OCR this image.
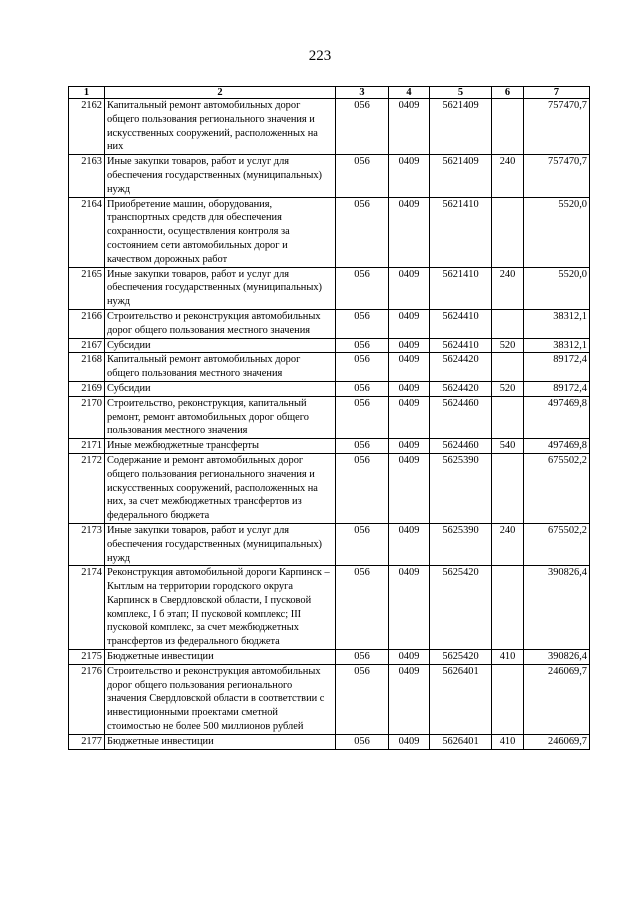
223
1	2	3	4	5	6	7
2162	Капитальный ремонт автомобильных дорог общего пользования регионального значения и искусственных сооружений, расположенных на них	056	0409	5621409		757470,7
2163	Иные закупки товаров, работ и услуг для обеспечения государственных (муниципальных) нужд	056	0409	5621409	240	757470,7
2164	Приобретение машин, оборудования, транспортных средств для обеспечения сохранности, осуществления контроля за состоянием сети автомобильных дорог и качеством дорожных работ	056	0409	5621410		5520,0
2165	Иные закупки товаров, работ и услуг для обеспечения государственных (муниципальных) нужд	056	0409	5621410	240	5520,0
2166	Строительство и реконструкция автомобильных дорог общего пользования местного значения	056	0409	5624410		38312,1
2167	Субсидии	056	0409	5624410	520	38312,1
2168	Капитальный ремонт автомобильных дорог общего пользования местного значения	056	0409	5624420		89172,4
2169	Субсидии	056	0409	5624420	520	89172,4
2170	Строительство, реконструкция, капитальный ремонт, ремонт автомобильных дорог общего пользования местного значения	056	0409	5624460		497469,8
2171	Иные межбюджетные трансферты	056	0409	5624460	540	497469,8
2172	Содержание и ремонт автомобильных дорог общего пользования регионального значения и искусственных сооружений, расположенных на них, за счет межбюджетных трансфертов из федерального бюджета	056	0409	5625390		675502,2
2173	Иные закупки товаров, работ и услуг для обеспечения государственных (муниципальных) нужд	056	0409	5625390	240	675502,2
2174	Реконструкция автомобильной дороги Карпинск – Кытлым на территории городского округа Карпинск в Свердловской области, I пусковой комплекс, I б этап; II пусковой комплекс; III пусковой комплекс, за счет межбюджетных трансфертов из федерального бюджета	056	0409	5625420		390826,4
2175	Бюджетные инвестиции	056	0409	5625420	410	390826,4
2176	Строительство и реконструкция автомобильных дорог общего пользования регионального значения Свердловской области в соответствии с инвестиционными проектами сметной стоимостью не более 500 миллионов рублей	056	0409	5626401		246069,7
2177	Бюджетные инвестиции	056	0409	5626401	410	246069,7
